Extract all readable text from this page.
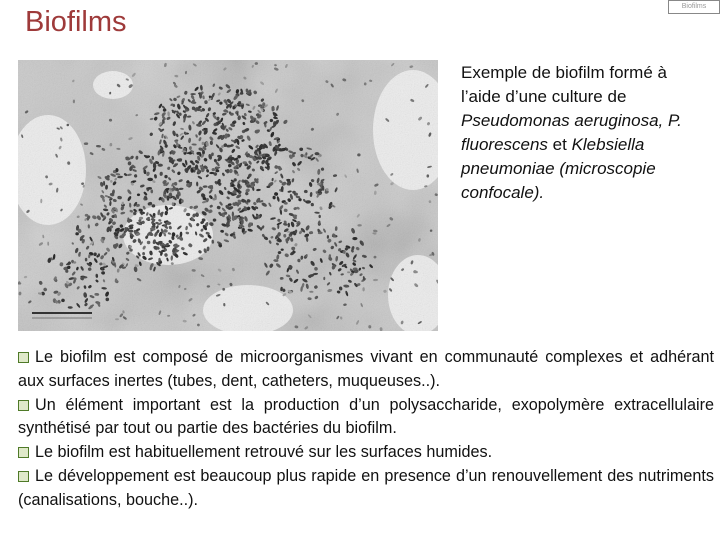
Biofilms	Biofilms
Exemple de biofilm formé à l’aide d’une culture de Pseudomonas aeruginosa, P. fluorescens et Klebsiella pneumoniae (microscopie confocale).
Le biofilm est composé de microorganismes vivant en communauté complexes et adhérant aux surfaces inertes (tubes, dent, catheters, muqueuses..).
Un élément important est la production d’un polysaccharide, exopolymère extracellulaire synthétisé par tout ou partie des bactéries du biofilm.
Le biofilm est habituellement retrouvé sur les surfaces humides.
Le développement est beaucoup plus rapide en presence d’un renouvellement des nutriments (canalisations, bouche..).
